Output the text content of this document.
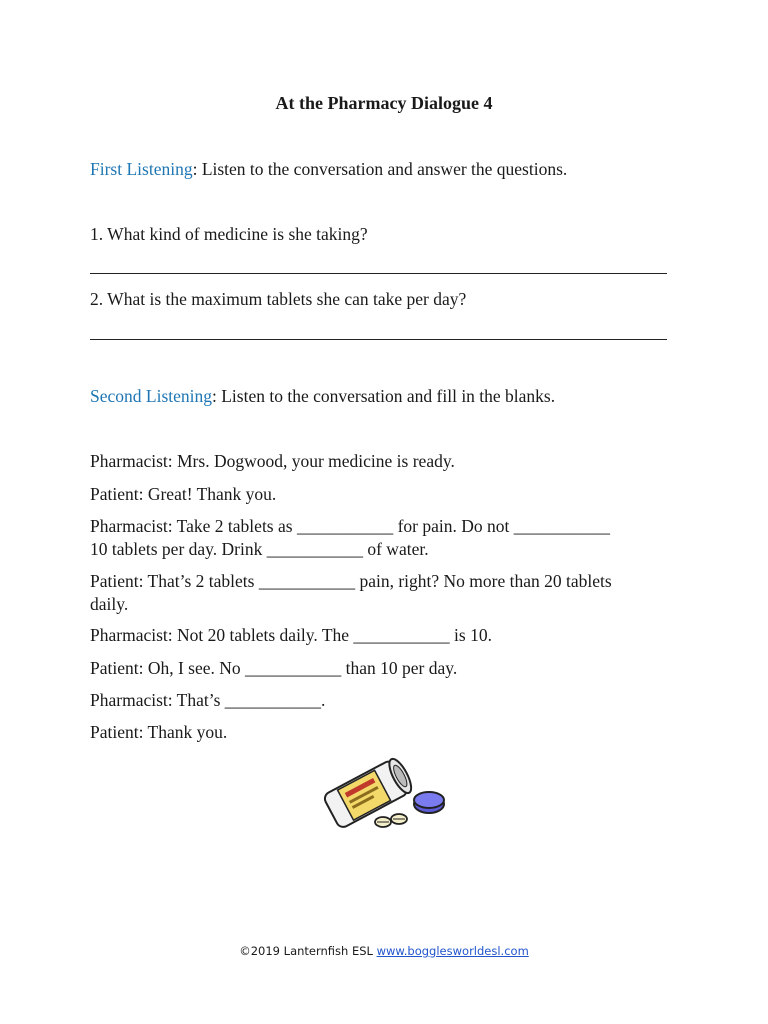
At the Pharmacy Dialogue 4
First Listening: Listen to the conversation and answer the questions.
1. What kind of medicine is she taking?
2. What is the maximum tablets she can take per day?
Second Listening: Listen to the conversation and fill in the blanks.
Pharmacist: Mrs. Dogwood, your medicine is ready.
Patient: Great! Thank you.
Pharmacist: Take 2 tablets as ___________ for pain. Do not ___________
10 tablets per day. Drink ___________ of water.
Patient: That’s 2 tablets ___________ pain, right? No more than 20 tablets
daily.
Pharmacist: Not 20 tablets daily. The ___________ is 10.
Patient: Oh, I see. No ___________ than 10 per day.
Pharmacist: That’s ___________.
Patient: Thank you.
©2019 Lanternfish ESL www.bogglesworldesl.com
